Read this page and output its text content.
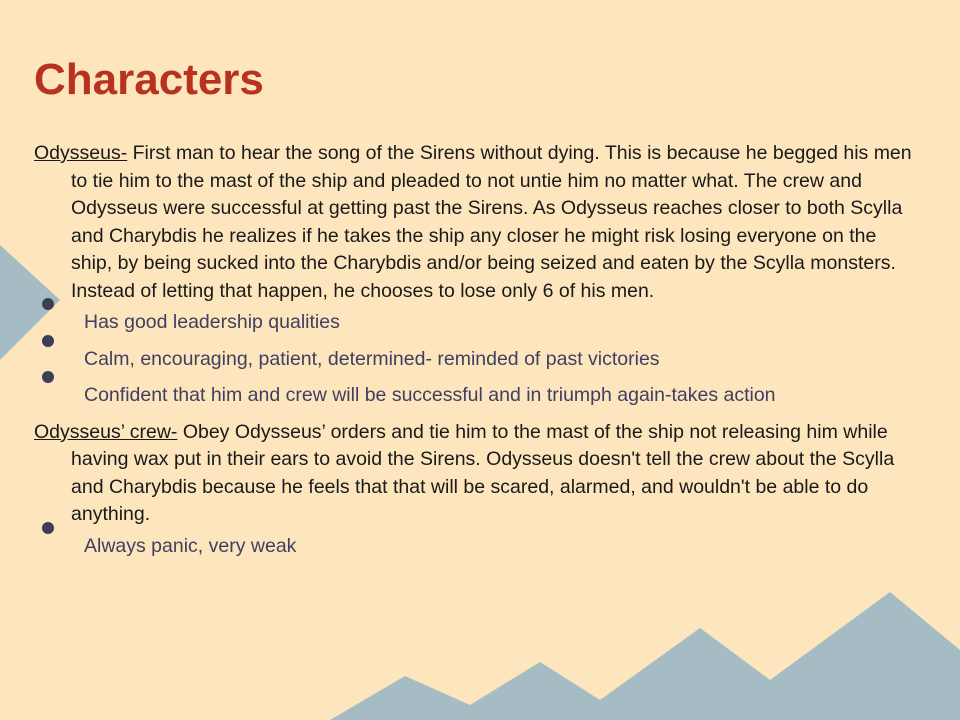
Characters

Odysseus- First man to hear the song of the Sirens without dying. This is because he begged his men to tie him to the mast of the ship and pleaded to not untie him no matter what. The crew and Odysseus were successful at getting past the Sirens. As Odysseus reaches closer to both Scylla and Charybdis he realizes if he takes the ship any closer he might risk losing everyone on the ship, by being sucked into the Charybdis and/or being seized and eaten by the Scylla monsters. Instead of letting that happen, he chooses to lose only 6 of his men.

Has good leadership qualities
Calm, encouraging, patient, determined- reminded of past victories
Confident that him and crew will be successful and in triumph again-takes action

Odysseus’ crew- Obey Odysseus’ orders and tie him to the mast of the ship not releasing him while having wax put in their ears to avoid the Sirens. Odysseus doesn't tell the crew about the Scylla and Charybdis because he feels that that will be scared, alarmed, and wouldn't be able to do anything.

Always panic, very weak
